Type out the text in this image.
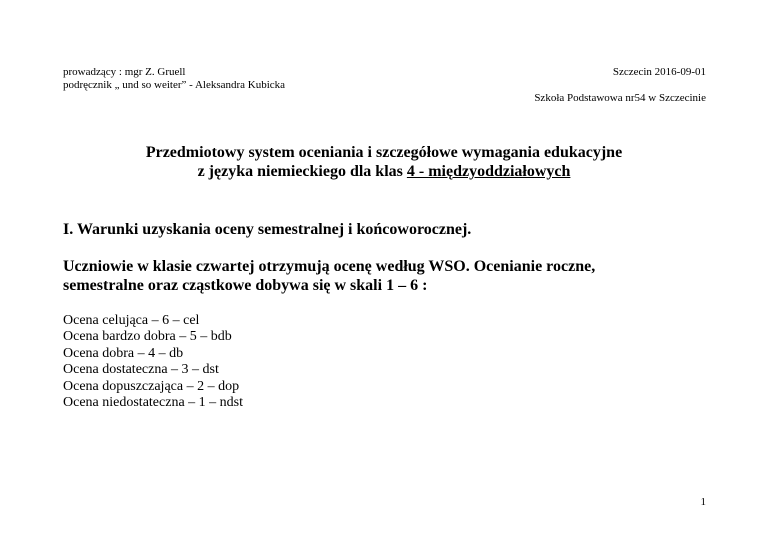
prowadzący : mgr Z. Gruell
podręcznik „ und so weiter” - Aleksandra Kubicka
Szczecin 2016-09-01
Szkoła Podstawowa nr54 w Szczecinie
Przedmiotowy system oceniania i szczegółowe wymagania edukacyjne
z języka niemieckiego dla klas 4 - międzyoddziałowych
I. Warunki uzyskania oceny semestralnej i końcoworocznej.
Uczniowie w klasie czwartej otrzymują ocenę według WSO. Ocenianie roczne,
semestralne oraz cząstkowe dobywa się w skali 1 – 6 :
Ocena celująca – 6 – cel
Ocena bardzo dobra – 5 – bdb
Ocena dobra – 4 – db
Ocena dostateczna – 3 – dst
Ocena dopuszczająca – 2 – dop
Ocena niedostateczna – 1 – ndst
1
